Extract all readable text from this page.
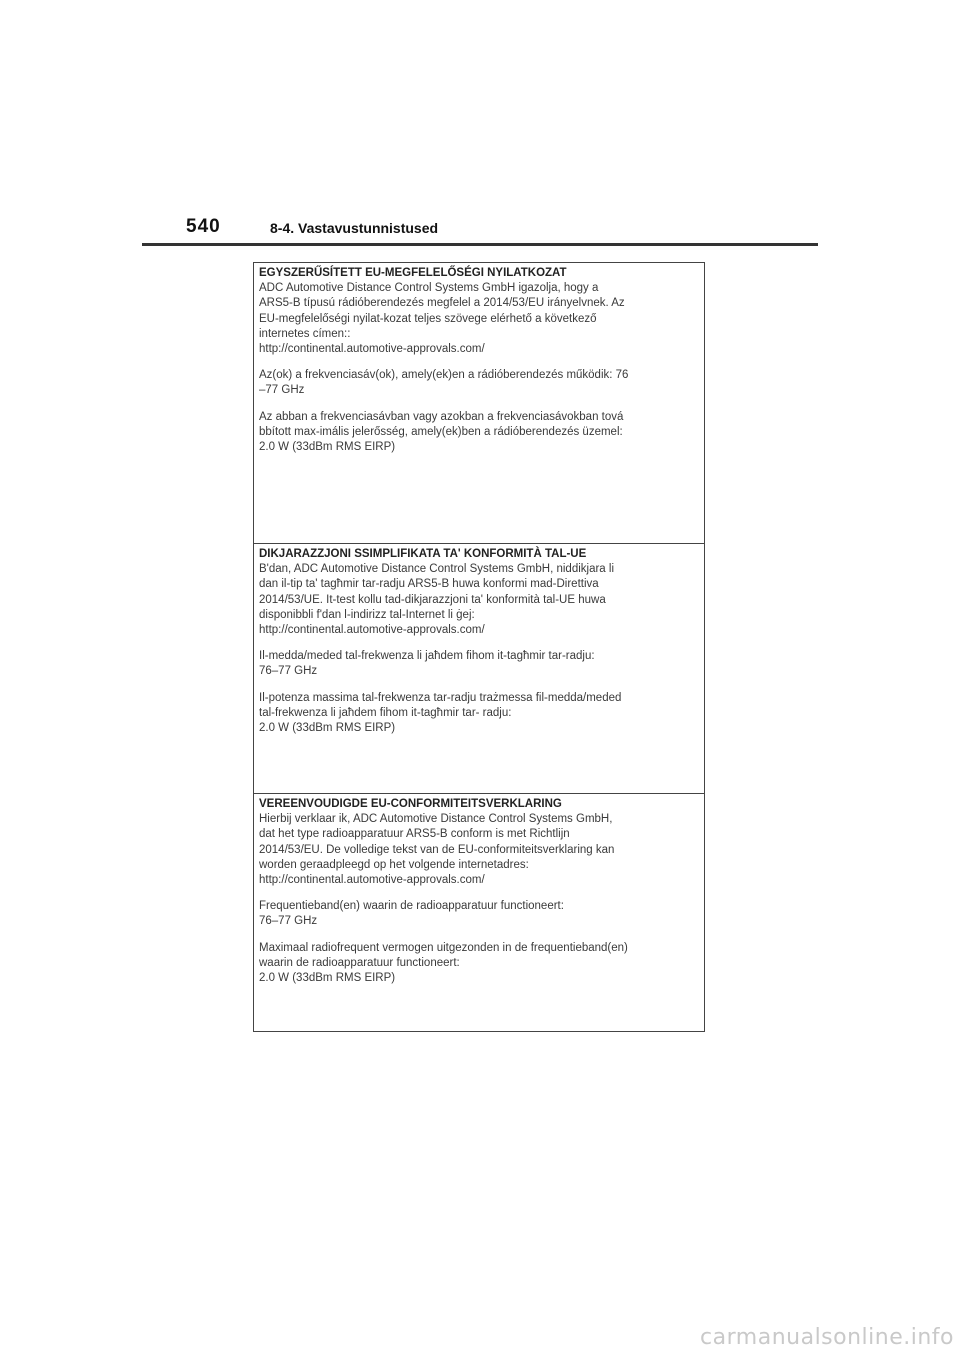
540	8-4. Vastavustunnistused
EGYSZERŰSÍTETT EU-MEGFELELŐSÉGI NYILATKOZAT
ADC Automotive Distance Control Systems GmbH igazolja, hogy a
ARS5-B típusú rádióberendezés megfelel a 2014/53/EU irányelvnek. Az
EU-megfelelőségi nyilat-kozat teljes szövege elérhető a következő
internetes címen::
http://continental.automotive-approvals.com/
Az(ok) a frekvenciasáv(ok), amely(ek)en a rádióberendezés működik: 76
–77 GHz
Az abban a frekvenciasávban vagy azokban a frekvenciasávokban tová
bbított max-imális jelerősség, amely(ek)ben a rádióberendezés üzemel:
2.0 W (33dBm RMS EIRP)
DIKJARAZZJONI SSIMPLIFIKATA TA' KONFORMITÀ TAL-UE
B'dan, ADC Automotive Distance Control Systems GmbH, niddikjara li
dan il-tip ta' tagħmir tar-radju ARS5-B huwa konformi mad-Direttiva
2014/53/UE. It-test kollu tad-dikjarazzjoni ta' konformità tal-UE huwa
disponibbli f'dan l-indirizz tal-Internet li ġej:
http://continental.automotive-approvals.com/
Il-medda/meded tal-frekwenza li jaħdem fihom it-tagħmir tar-radju:
76–77 GHz
Il-potenza massima tal-frekwenza tar-radju trażmessa fil-medda/meded
tal-frekwenza li jaħdem fihom it-tagħmir tar- radju:
2.0 W (33dBm RMS EIRP)
VEREENVOUDIGDE EU-CONFORMITEITSVERKLARING
Hierbij verklaar ik, ADC Automotive Distance Control Systems GmbH,
dat het type radioapparatuur ARS5-B conform is met Richtlijn
2014/53/EU. De volledige tekst van de EU-conformiteitsverklaring kan
worden geraadpleegd op het volgende internetadres:
http://continental.automotive-approvals.com/
Frequentieband(en) waarin de radioapparatuur functioneert:
76–77 GHz
Maximaal radiofrequent vermogen uitgezonden in de frequentieband(en)
waarin de radioapparatuur functioneert:
2.0 W (33dBm RMS EIRP)
carmanualsonline.info
